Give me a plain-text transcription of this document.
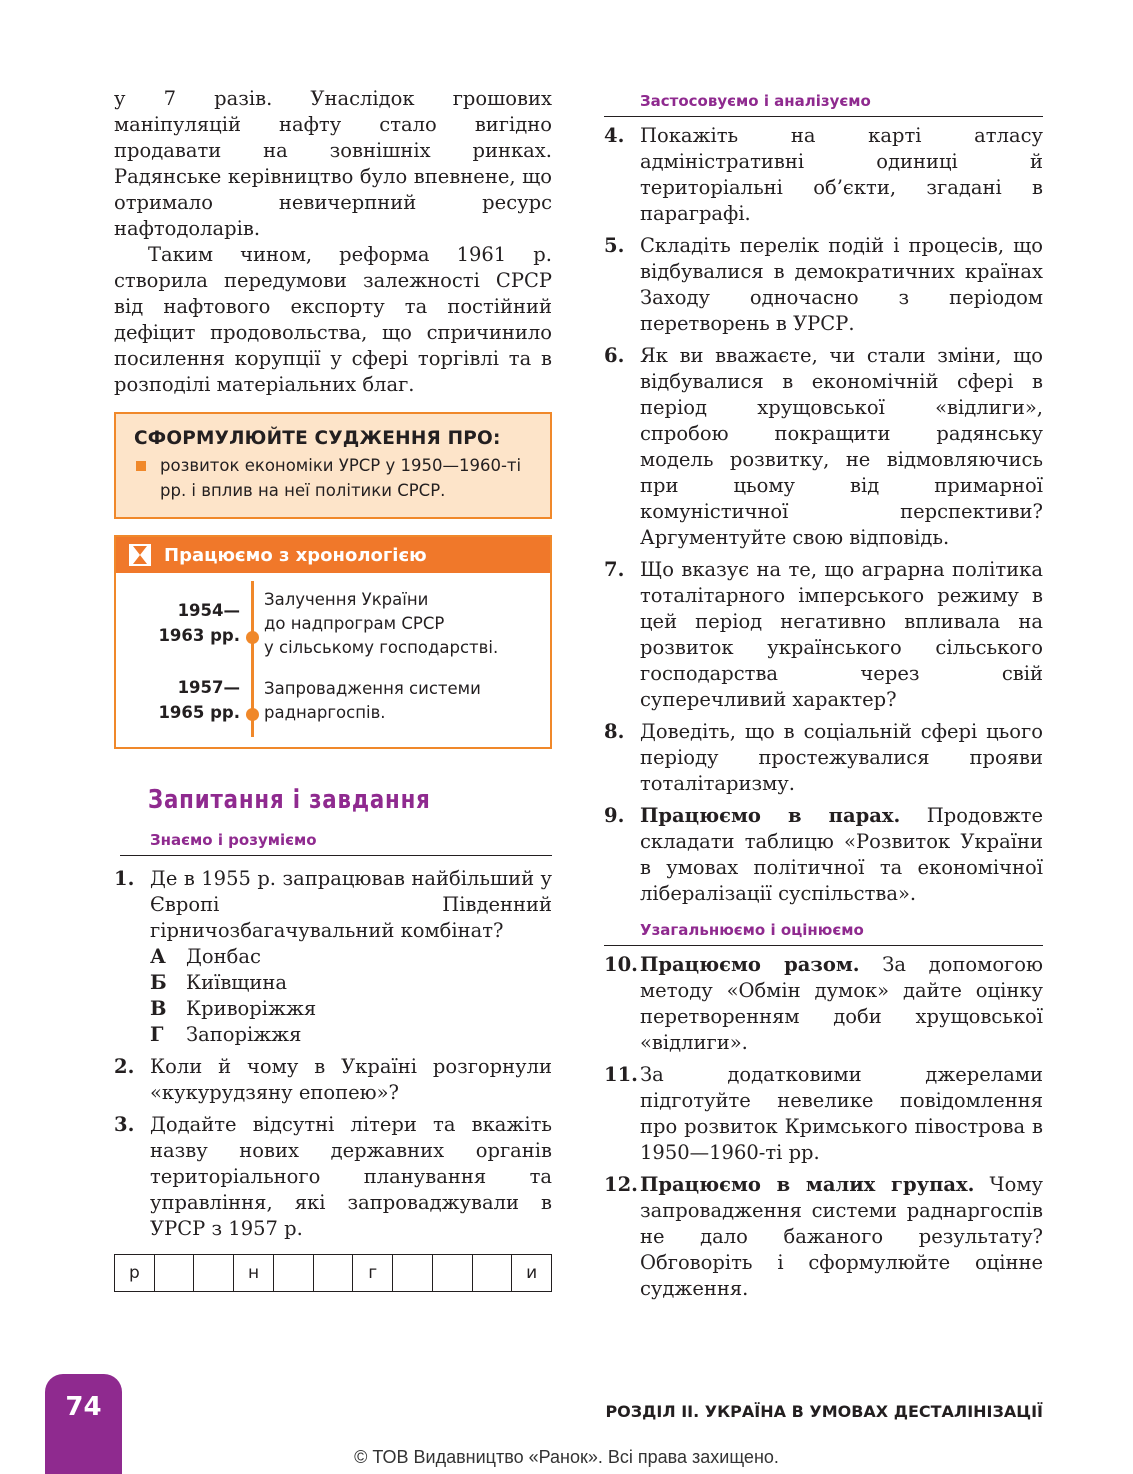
у 7 разів. Унаслідок грошових маніпуляцій нафту стало вигідно продавати на зовнішніх ринках. Радянське керівництво було впевнене, що отримало невичерпний ресурс нафтодоларів.

Таким чином, реформа 1961 р. створила передумови залежності СРСР від нафтового експорту та постійний дефіцит продовольства, що спричинило посилення корупції у сфері торгівлі та в розподілі матеріальних благ.

СФОРМУЛЮЙТЕ СУДЖЕННЯ ПРО:
розвиток економіки УРСР у 1950—1960-ті рр. і вплив на неї політики СРСР.
Працюємо з хронологією
1954—
1963 рр.
Залучення України
до надпрограм СРСР
у сільському господарстві.
1957—
1965 рр.
Запровадження системи
раднаргоспів.
Запитання і завдання
Знаємо і розуміємо
1. Де в 1955 р. запрацював найбільший у Європі Південний гірничозбагачувальний комбінат?
А	Донбас
Б Київщина
В	Криворіжжя
Г	Запоріжжя
2. Коли й чому в Україні розгорнули «кукурудзяну епопею»?
3. Додайте відсутні літери та вкажіть назву нових державних органів територіального планування та управління, які запроваджували в УРСР з 1957 р.
р	н	г	и
Застосовуємо і аналізуємо
4. Покажіть на карті атласу адміністративні одиниці й територіальні об’єкти, згадані в параграфі.
5. Складіть перелік подій і процесів, що відбувалися в демократичних країнах Заходу одночасно з періодом перетворень в УРСР.
6. Як ви вважаєте, чи стали зміни, що відбувалися в економічній сфері в період хрущовської «відлиги», спробою покращити радянську модель розвитку, не відмовляючись при цьому від примарної комуністичної перспективи? Аргументуйте свою відповідь.
7. Що вказує на те, що аграрна політика тоталітарного імперського режиму в цей період негативно впливала на розвиток українського сільського господарства через свій суперечливий характер?
8. Доведіть, що в соціальній сфері цього періоду простежувалися прояви тоталітаризму.
9. Працюємо в парах. Продовжте складати таблицю «Розвиток України в умовах політичної та економічної лібералізації суспільства».
Узагальнюємо і оцінюємо
10. Працюємо разом. За допомогою методу «Обмін думок» дайте оцінку перетворенням доби хрущовської «відлиги».
11. За додатковими джерелами підготуйте невелике повідомлення про розвиток Кримського півострова в 1950—1960-ті рр.
12. Працюємо в малих групах. Чому запровадження системи раднаргоспів не дало бажаного результату? Обговоріть і сформулюйте оцінне судження.
74	РОЗДІЛ ІІ. УКРАЇНА В УМОВАХ ДЕСТАЛІНІЗАЦІЇ
© ТОВ Видавництво «Ранок». Всі права захищено.
